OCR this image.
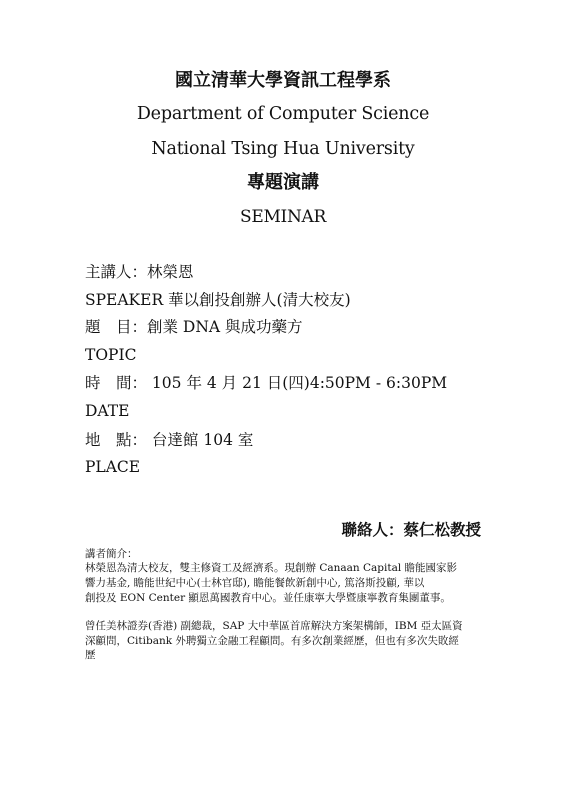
國立清華大學資訊工程學系
Department of Computer Science
National Tsing Hua University
專題演講
SEMINAR
主講人：林榮恩
SPEAKER 華以創投創辦人(清大校友)
題　目：創業 DNA 與成功藥方
TOPIC
時　間： 105 年 4 月 21 日(四)4:50PM - 6:30PM
DATE
地　點： 台達館 104 室
PLACE
聯絡人：蔡仁松教授
講者簡介：
林榮恩為清大校友，雙主修資工及經濟系。現創辦 Canaan Capital 瞻能國家影
響力基金, 瞻能世紀中心(士林官邸), 瞻能餐飲新創中心, 篤洛斯投顧, 華以
創投及 EON Center 顯恩萬國教育中心。並任康寧大學暨康寧教育集團董事。
曾任美林證券(香港) 副總裁，SAP 大中華區首席解決方案架構師，IBM 亞太區資
深顧問，Citibank 外聘獨立金融工程顧問。有多次創業經歷，但也有多次失敗經
歷
